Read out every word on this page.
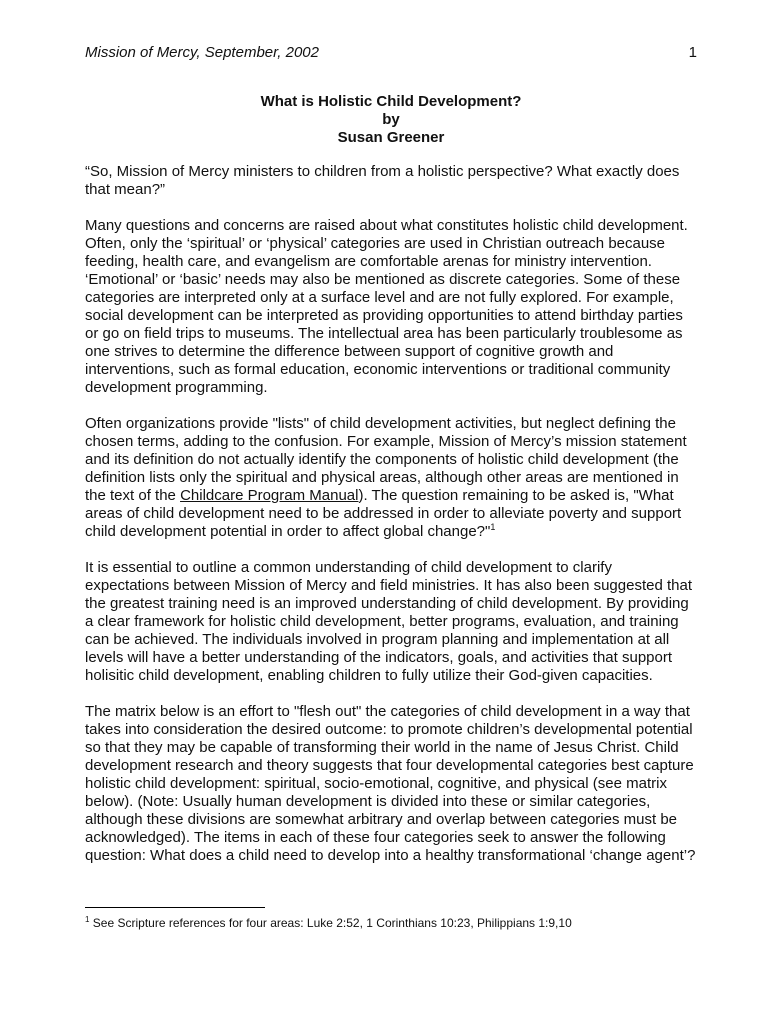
Mission of Mercy, September, 2002	1
What is Holistic Child Development?
by
Susan Greener

“So, Mission of Mercy ministers to children from a holistic perspective? What exactly does that mean?”

Many questions and concerns are raised about what constitutes holistic child development. Often, only the ‘spiritual’ or ‘physical’ categories are used in Christian outreach because feeding, health care, and evangelism are comfortable arenas for ministry intervention. ‘Emotional’ or ‘basic’ needs may also be mentioned as discrete categories. Some of these categories are interpreted only at a surface level and are not fully explored. For example, social development can be interpreted as providing opportunities to attend birthday parties or go on field trips to museums. The intellectual area has been particularly troublesome as one strives to determine the difference between support of cognitive growth and interventions, such as formal education, economic interventions or traditional community development programming.

Often organizations provide "lists" of child development activities, but neglect defining the chosen terms, adding to the confusion. For example, Mission of Mercy’s mission statement and its definition do not actually identify the components of holistic child development (the definition lists only the spiritual and physical areas, although other areas are mentioned in the text of the Childcare Program Manual). The question remaining to be asked is, "What areas of child development need to be addressed in order to alleviate poverty and support child development potential in order to affect global change?"$^1$

It is essential to outline a common understanding of child development to clarify expectations between Mission of Mercy and field ministries. It has also been suggested that the greatest training need is an improved understanding of child development. By providing a clear framework for holistic child development, better programs, evaluation, and training can be achieved. The individuals involved in program planning and implementation at all levels will have a better understanding of the indicators, goals, and activities that support holisitic child development, enabling children to fully utilize their God-given capacities.

The matrix below is an effort to "flesh out" the categories of child development in a way that takes into consideration the desired outcome: to promote children’s developmental potential so that they may be capable of transforming their world in the name of Jesus Christ. Child development research and theory suggests that four developmental categories best capture holistic child development: spiritual, socio-emotional, cognitive, and physical (see matrix below). (Note: Usually human development is divided into these or similar categories, although these divisions are somewhat arbitrary and overlap between categories must be acknowledged). The items in each of these four categories seek to answer the following question: What does a child need to develop into a healthy transformational ‘change agent’?

$^1$ See Scripture references for four areas: Luke 2:52, 1 Corinthians 10:23, Philippians 1:9,10
